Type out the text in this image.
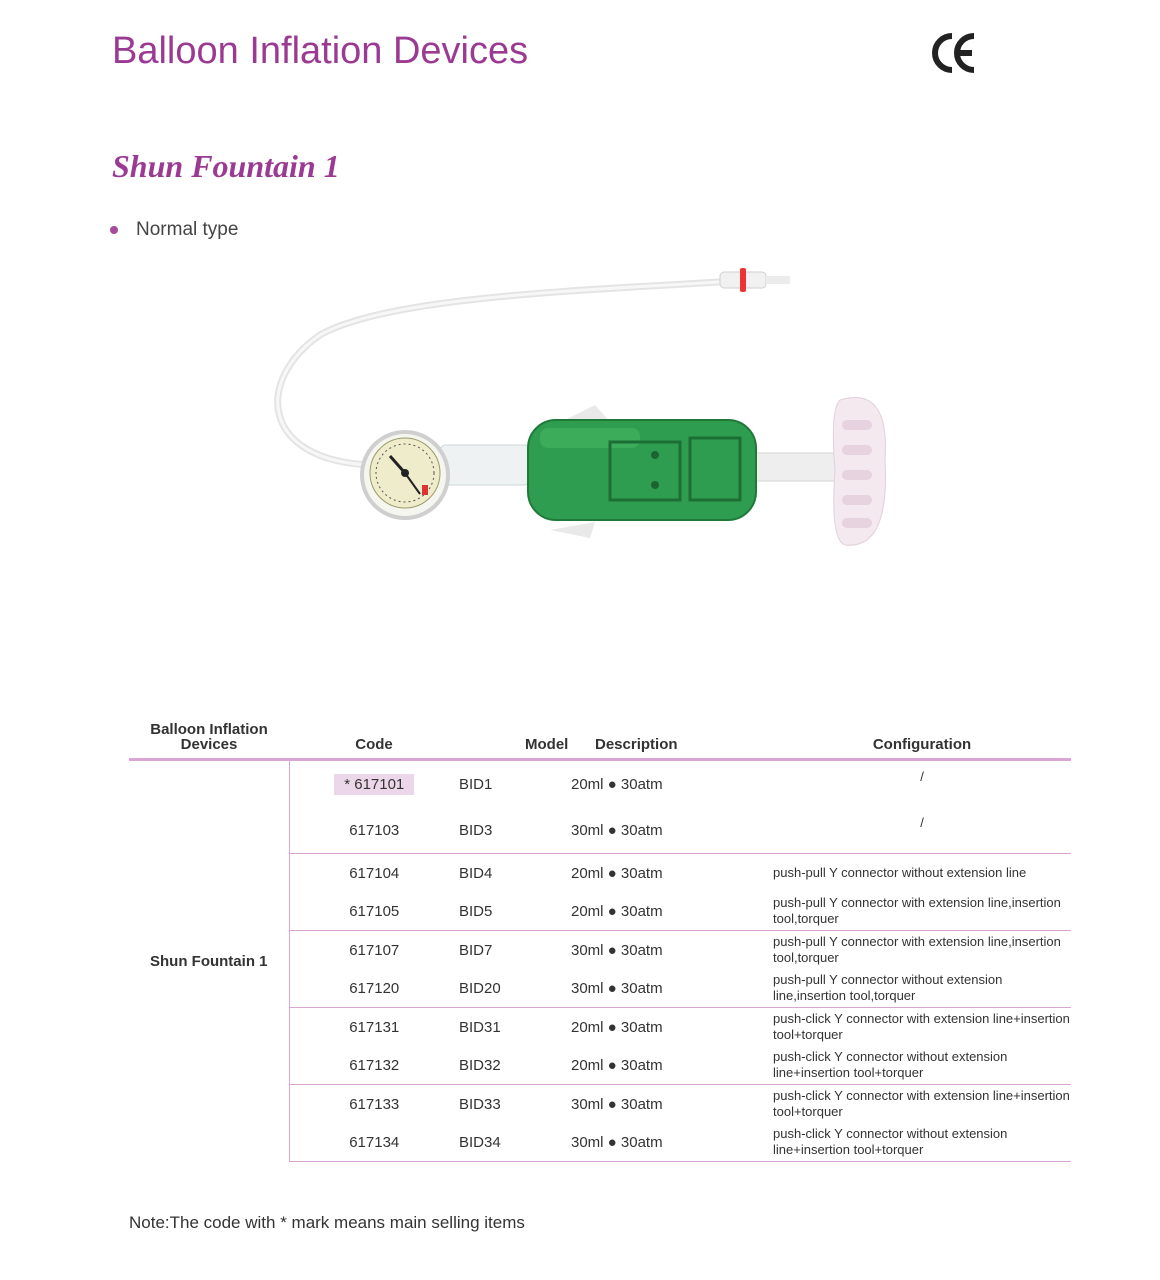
Balloon Inflation Devices
Shun Fountain 1
Normal type
Balloon Inflation Devices	Code	Model	Description	Configuration
Shun Fountain 1	* 617101	BID1	20ml ● 30atm	/
	617103	BID3	30ml ● 30atm	/
	617104	BID4	20ml ● 30atm	push-pull Y connector without extension line
	617105	BID5	20ml ● 30atm	push-pull Y connector with extension line,insertion tool,torquer
	617107	BID7	30ml ● 30atm	push-pull Y connector with extension line,insertion tool,torquer
	617120	BID20	30ml ● 30atm	push-pull Y connector without extension line,insertion tool,torquer
	617131	BID31	20ml ● 30atm	push-click Y connector with extension line+insertion tool+torquer
	617132	BID32	20ml ● 30atm	push-click Y connector without extension line+insertion tool+torquer
	617133	BID33	30ml ● 30atm	push-click Y connector with extension line+insertion tool+torquer
	617134	BID34	30ml ● 30atm	push-click Y connector without extension line+insertion tool+torquer
Note:The code with * mark means main selling items
